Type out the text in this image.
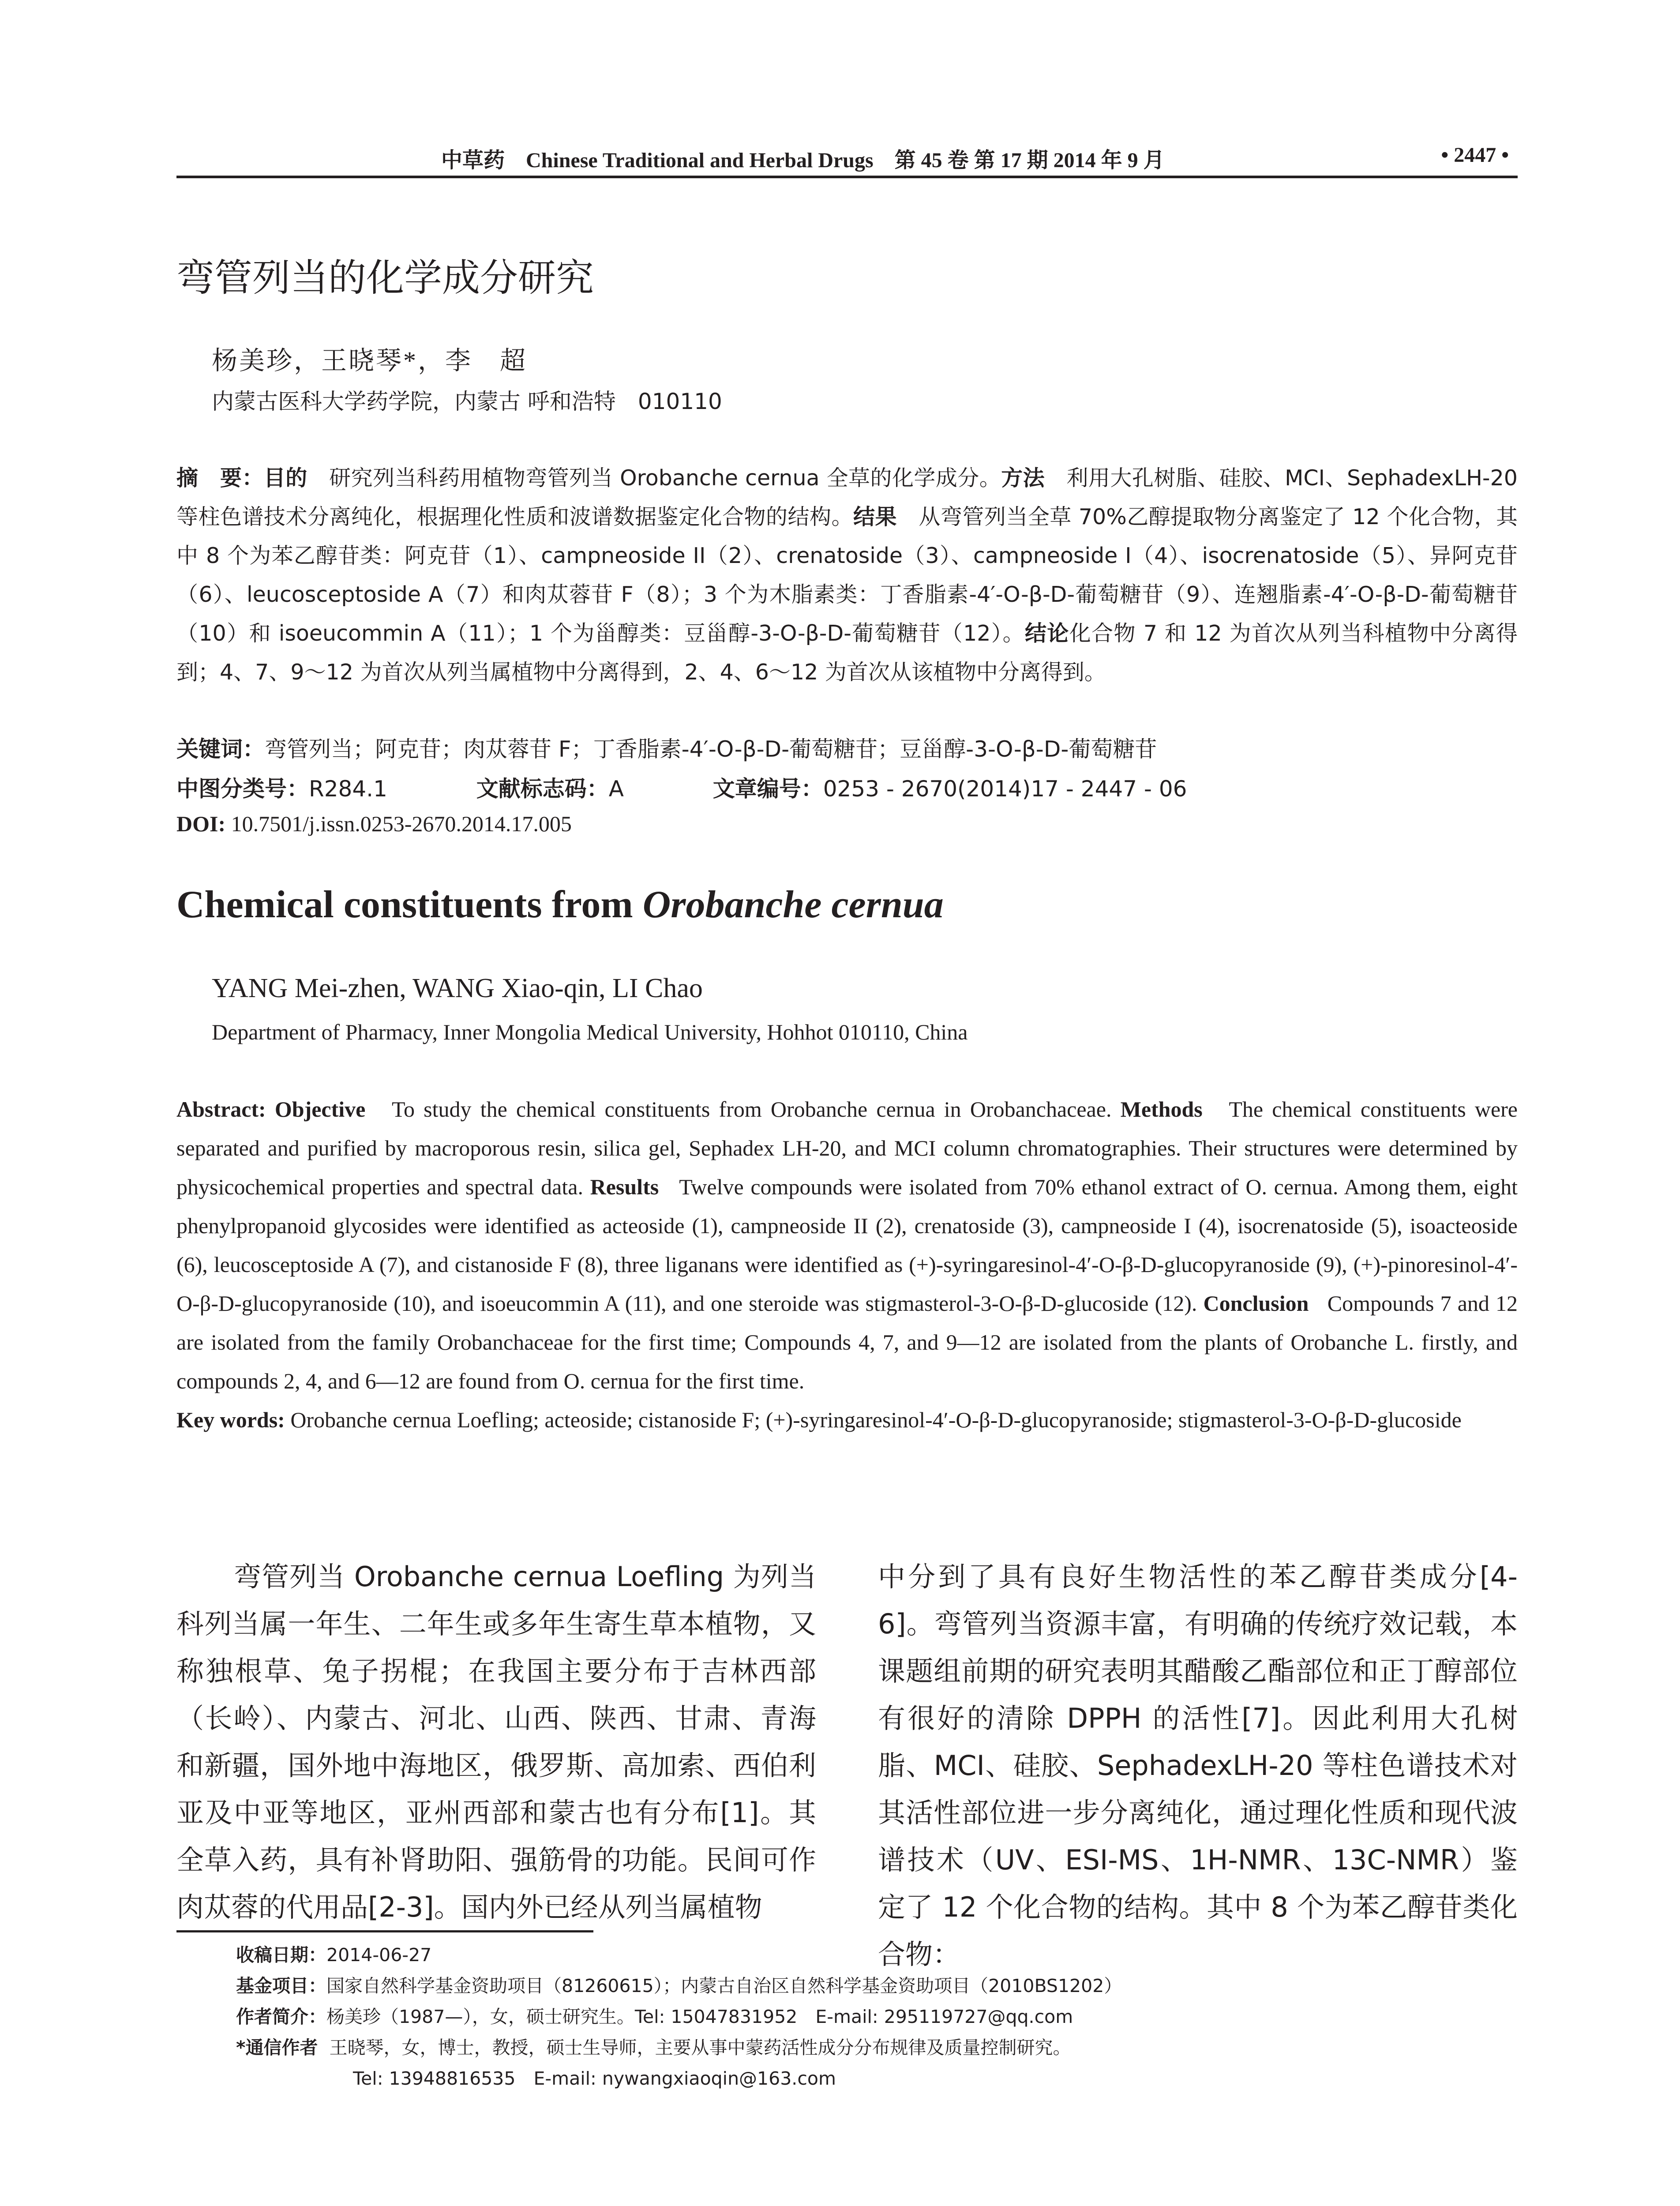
中草药　Chinese Traditional and Herbal Drugs　第 45 卷 第 17 期 2014 年 9 月	• 2447 •
弯管列当的化学成分研究
杨美珍，王晓琴*，李　超
内蒙古医科大学药学院，内蒙古 呼和浩特　010110
摘　要：目的　研究列当科药用植物弯管列当 Orobanche cernua 全草的化学成分。方法　利用大孔树脂、硅胶、MCI、SephadexLH-20 等柱色谱技术分离纯化，根据理化性质和波谱数据鉴定化合物的结构。结果　从弯管列当全草 70%乙醇提取物分离鉴定了 12 个化合物，其中 8 个为苯乙醇苷类：阿克苷（1）、campneoside II（2）、crenatoside（3）、campneoside I（4）、isocrenatoside（5）、异阿克苷（6）、leucosceptoside A（7）和肉苁蓉苷 F（8）；3 个为木脂素类：丁香脂素-4′-O-β-D-葡萄糖苷（9）、连翘脂素-4′-O-β-D-葡萄糖苷（10）和 isoeucommin A（11）；1 个为甾醇类：豆甾醇-3-O-β-D-葡萄糖苷（12）。结论化合物 7 和 12 为首次从列当科植物中分离得到；4、7、9～12 为首次从列当属植物中分离得到，2、4、6～12 为首次从该植物中分离得到。
关键词：弯管列当；阿克苷；肉苁蓉苷 F；丁香脂素-4′-O-β-D-葡萄糖苷；豆甾醇-3-O-β-D-葡萄糖苷
中图分类号：R284.1	文献标志码：A	文章编号：0253 - 2670(2014)17 - 2447 - 06
DOI: 10.7501/j.issn.0253-2670.2014.17.005
Chemical constituents from Orobanche cernua
YANG Mei-zhen, WANG Xiao-qin, LI Chao
Department of Pharmacy, Inner Mongolia Medical University, Hohhot 010110, China
Abstract: Objective To study the chemical constituents from Orobanche cernua in Orobanchaceae. Methods The chemical constituents were separated and purified by macroporous resin, silica gel, Sephadex LH-20, and MCI column chromatographies. Their structures were determined by physicochemical properties and spectral data. Results Twelve compounds were isolated from 70% ethanol extract of O. cernua. Among them, eight phenylpropanoid glycosides were identified as acteoside (1), campneoside II (2), crenatoside (3), campneoside I (4), isocrenatoside (5), isoacteoside (6), leucosceptoside A (7), and cistanoside F (8), three liganans were identified as (+)-syringaresinol-4′-O-β-D-glucopyranoside (9), (+)-pinoresinol-4′-O-β-D-glucopyranoside (10), and isoeucommin A (11), and one steroide was stigmasterol-3-O-β-D-glucoside (12). Conclusion Compounds 7 and 12 are isolated from the family Orobanchaceae for the first time; Compounds 4, 7, and 9—12 are isolated from the plants of Orobanche L. firstly, and compounds 2, 4, and 6—12 are found from O. cernua for the first time.
Key words: Orobanche cernua Loefling; acteoside; cistanoside F; (+)-syringaresinol-4′-O-β-D-glucopyranoside; stigmasterol-3-O-β-D-glucoside
弯管列当 Orobanche cernua Loefling 为列当科列当属一年生、二年生或多年生寄生草本植物，又称独根草、兔子拐棍；在我国主要分布于吉林西部（长岭）、内蒙古、河北、山西、陕西、甘肃、青海和新疆，国外地中海地区，俄罗斯、高加索、西伯利亚及中亚等地区，亚州西部和蒙古也有分布[1]。其全草入药，具有补肾助阳、强筋骨的功能。民间可作肉苁蓉的代用品[2-3]。国内外已经从列当属植物
中分到了具有良好生物活性的苯乙醇苷类成分[4-6]。弯管列当资源丰富，有明确的传统疗效记载，本课题组前期的研究表明其醋酸乙酯部位和正丁醇部位有很好的清除 DPPH 的活性[7]。因此利用大孔树脂、MCI、硅胶、SephadexLH-20 等柱色谱技术对其活性部位进一步分离纯化，通过理化性质和现代波谱技术（UV、ESI-MS、1H-NMR、13C-NMR）鉴定了 12 个化合物的结构。其中 8 个为苯乙醇苷类化合物：
收稿日期：2014-06-27
基金项目：国家自然科学基金资助项目（81260615）；内蒙古自治区自然科学基金资助项目（2010BS1202）
作者简介：杨美珍（1987—），女，硕士研究生。Tel: 15047831952　E-mail: 295119727@qq.com
*通信作者 王晓琴，女，博士，教授，硕士生导师，主要从事中蒙药活性成分分布规律及质量控制研究。
Tel: 13948816535　E-mail: nywangxiaoqin@163.com
